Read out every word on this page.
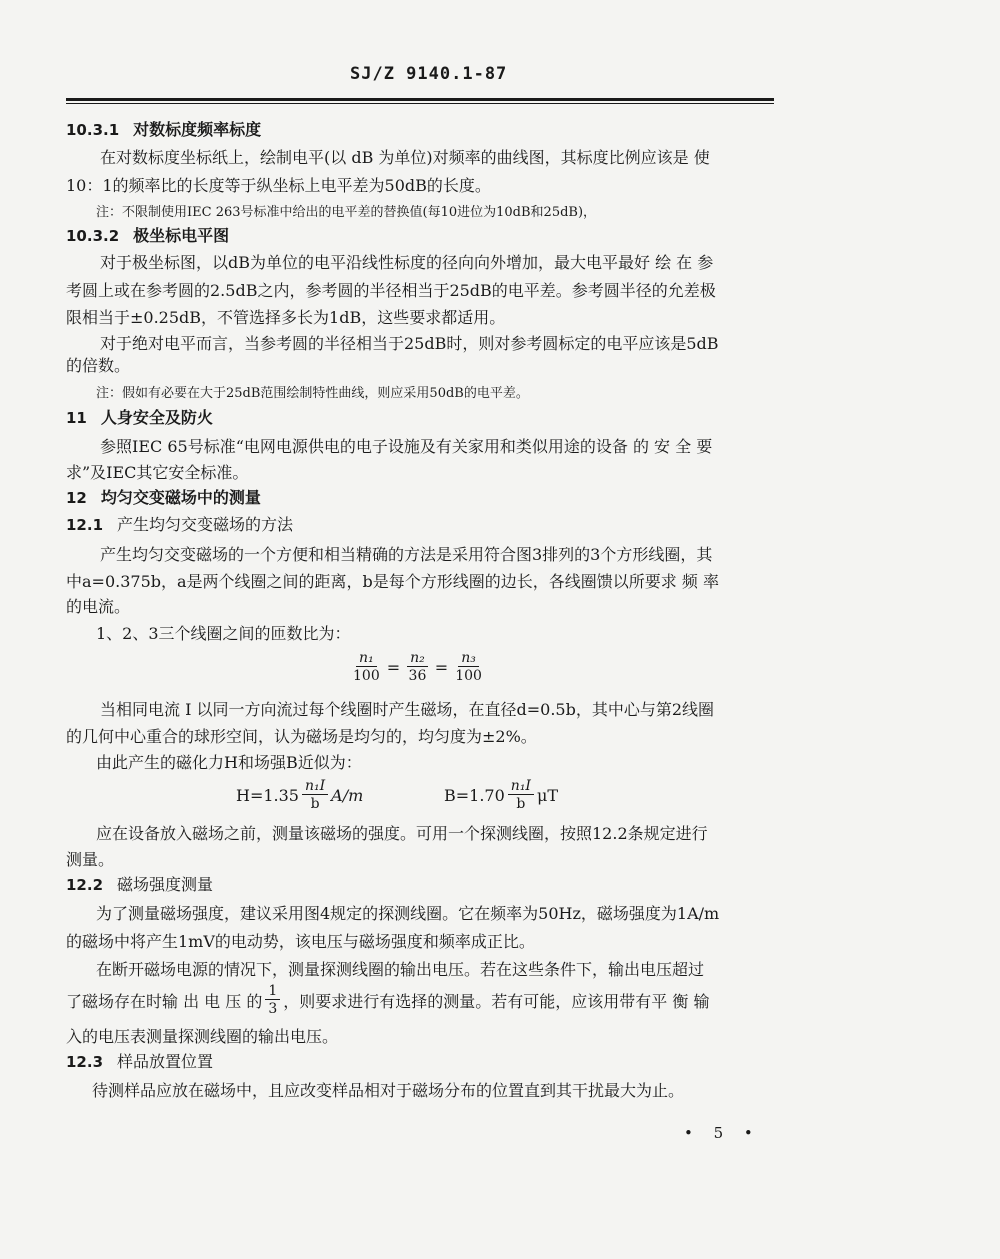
SJ/Z 9140.1-87
10.3.1 对数标度频率标度

在对数标度坐标纸上，绘制电平(以 dB 为单位)对频率的曲线图，其标度比例应该是 使

10：1的频率比的长度等于纵坐标上电平差为50dB的长度。

注：不限制使用IEC 263号标准中给出的电平差的替换值(每10进位为10dB和25dB)，

10.3.2 极坐标电平图

对于极坐标图，以dB为单位的电平沿线性标度的径向向外增加，最大电平最好 绘 在 参

考圆上或在参考圆的2.5dB之内，参考圆的半径相当于25dB的电平差。参考圆半径的允差极

限相当于±0.25dB，不管选择多长为1dB，这些要求都适用。

对于绝对电平而言，当参考圆的半径相当于25dB时，则对参考圆标定的电平应该是5dB

的倍数。

注：假如有必要在大于25dB范围绘制特性曲线，则应采用50dB的电平差。

11 人身安全及防火

参照IEC 65号标准“电网电源供电的电子设施及有关家用和类似用途的设备 的 安 全 要

求”及IEC其它安全标准。

12 均匀交变磁场中的测量
12.1 产生均匀交变磁场的方法

产生均匀交变磁场的一个方便和相当精确的方法是采用符合图3排列的3个方形线圈，其

中a=0.375b，a是两个线圈之间的距离，b是每个方形线圈的边长，各线圈馈以所要求 频 率

的电流。

1、2、3三个线圈之间的匝数比为：

$\frac{\text{n₁}}{100} = \frac{\text{n₂}}{36} = \frac{\text{n₃}}{100}$

当相同电流 I 以同一方向流过每个线圈时产生磁场，在直径d=0.5b，其中心与第2线圈

的几何中心重合的球形空间，认为磁场是均匀的，均匀度为±2%。

由此产生的磁化力H和场强B近似为：

$H=1.35 \frac{\text{n₁I}}{b} A/m$	$B=1.70 \frac{\text{n₁I}}{b}$ μT

应在设备放入磁场之前，测量该磁场的强度。可用一个探测线圈，按照12.2条规定进行

测量。

12.2 磁场强度测量

为了测量磁场强度，建议采用图4规定的探测线圈。它在频率为50Hz，磁场强度为1A/m

的磁场中将产生1mV的电动势，该电压与磁场强度和频率成正比。

在断开磁场电源的情况下，测量探测线圈的输出电压。若在这些条件下，输出电压超过

了磁场存在时输 出 电 压 的 $\frac{1}{3}$ ，则要求进行有选择的测量。若有可能，应该用带有平 衡 输

入的电压表测量探测线圈的输出电压。

12.3 样品放置位置

待测样品应放在磁场中，且应改变样品相对于磁场分布的位置直到其干扰最大为止。

• 5 •
